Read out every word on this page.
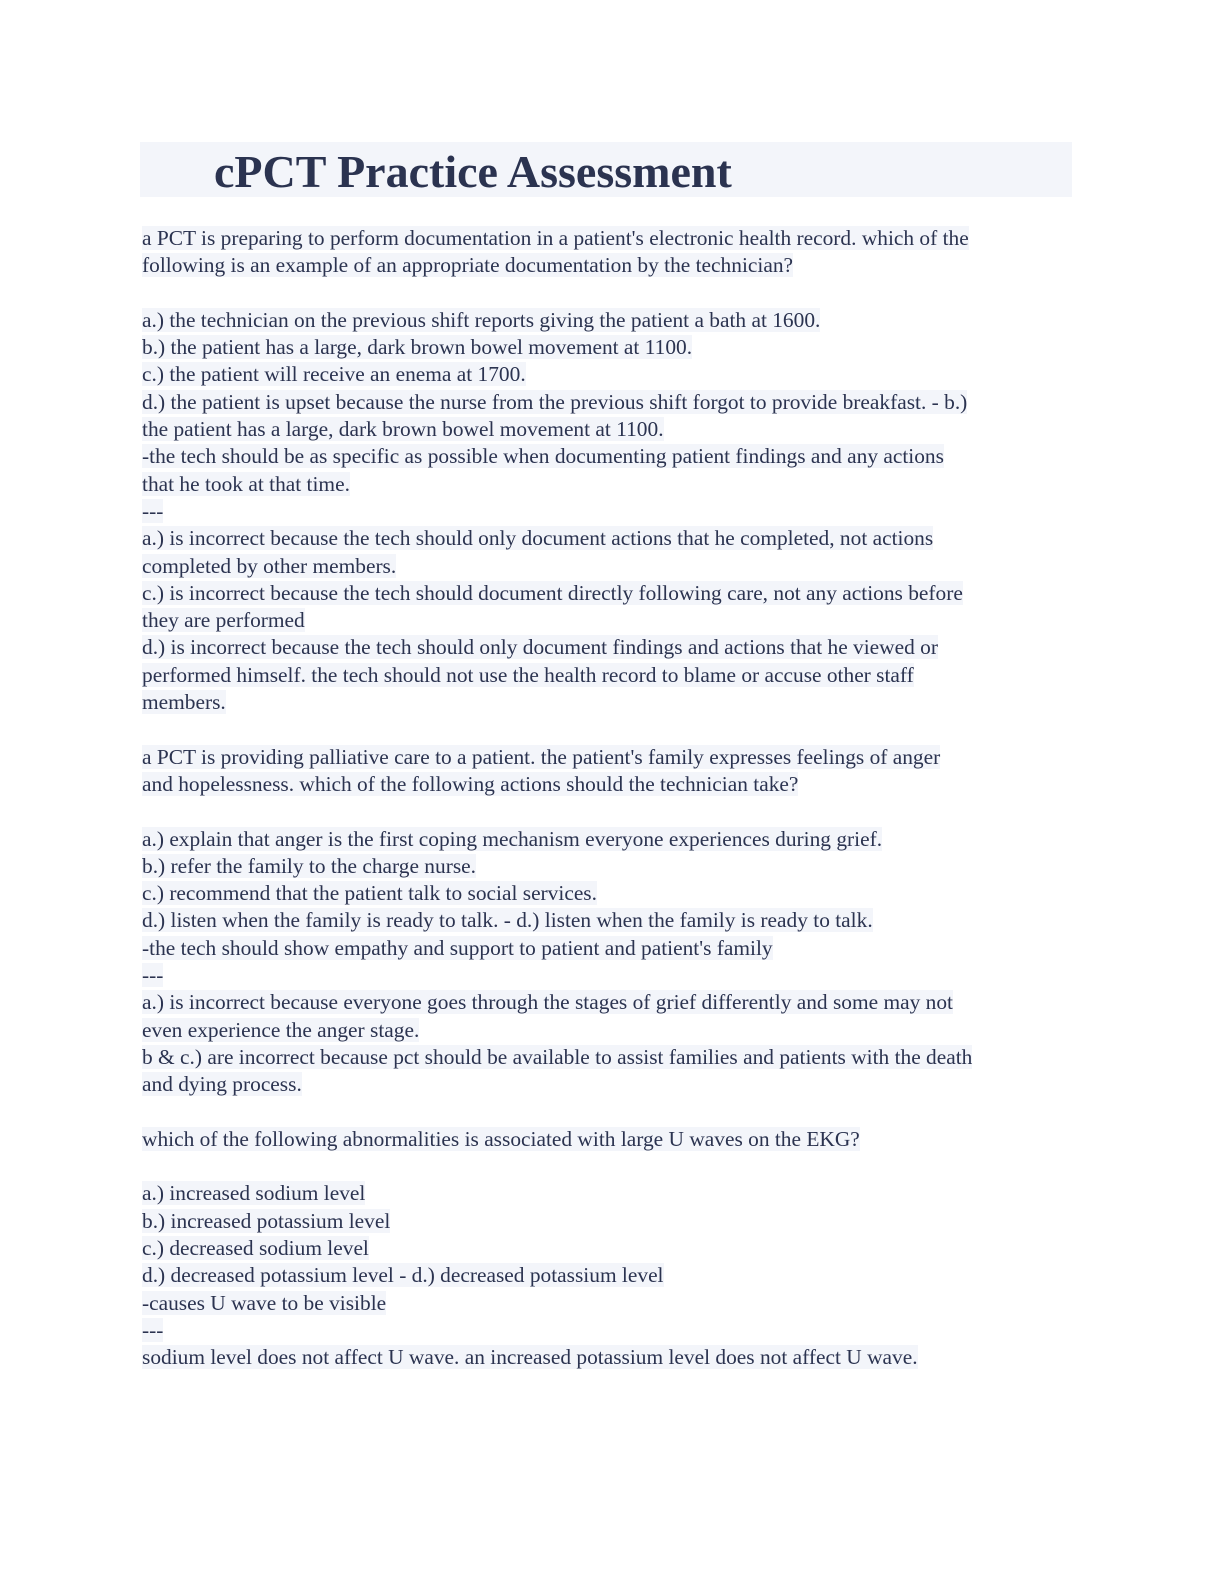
cPCT Practice Assessment
a PCT is preparing to perform documentation in a patient's electronic health record. which of the
following is an example of an appropriate documentation by the technician?
a.) the technician on the previous shift reports giving the patient a bath at 1600.
b.) the patient has a large, dark brown bowel movement at 1100.
c.) the patient will receive an enema at 1700.
d.) the patient is upset because the nurse from the previous shift forgot to provide breakfast. - b.)
the patient has a large, dark brown bowel movement at 1100.
-the tech should be as specific as possible when documenting patient findings and any actions
that he took at that time.
---
a.) is incorrect because the tech should only document actions that he completed, not actions
completed by other members.
c.) is incorrect because the tech should document directly following care, not any actions before
they are performed
d.) is incorrect because the tech should only document findings and actions that he viewed or
performed himself. the tech should not use the health record to blame or accuse other staff
members.
a PCT is providing palliative care to a patient. the patient's family expresses feelings of anger
and hopelessness. which of the following actions should the technician take?
a.) explain that anger is the first coping mechanism everyone experiences during grief.
b.) refer the family to the charge nurse.
c.) recommend that the patient talk to social services.
d.) listen when the family is ready to talk. - d.) listen when the family is ready to talk.
-the tech should show empathy and support to patient and patient's family
---
a.) is incorrect because everyone goes through the stages of grief differently and some may not
even experience the anger stage.
b & c.) are incorrect because pct should be available to assist families and patients with the death
and dying process.
which of the following abnormalities is associated with large U waves on the EKG?
a.) increased sodium level
b.) increased potassium level
c.) decreased sodium level
d.) decreased potassium level - d.) decreased potassium level
-causes U wave to be visible
---
sodium level does not affect U wave. an increased potassium level does not affect U wave.
